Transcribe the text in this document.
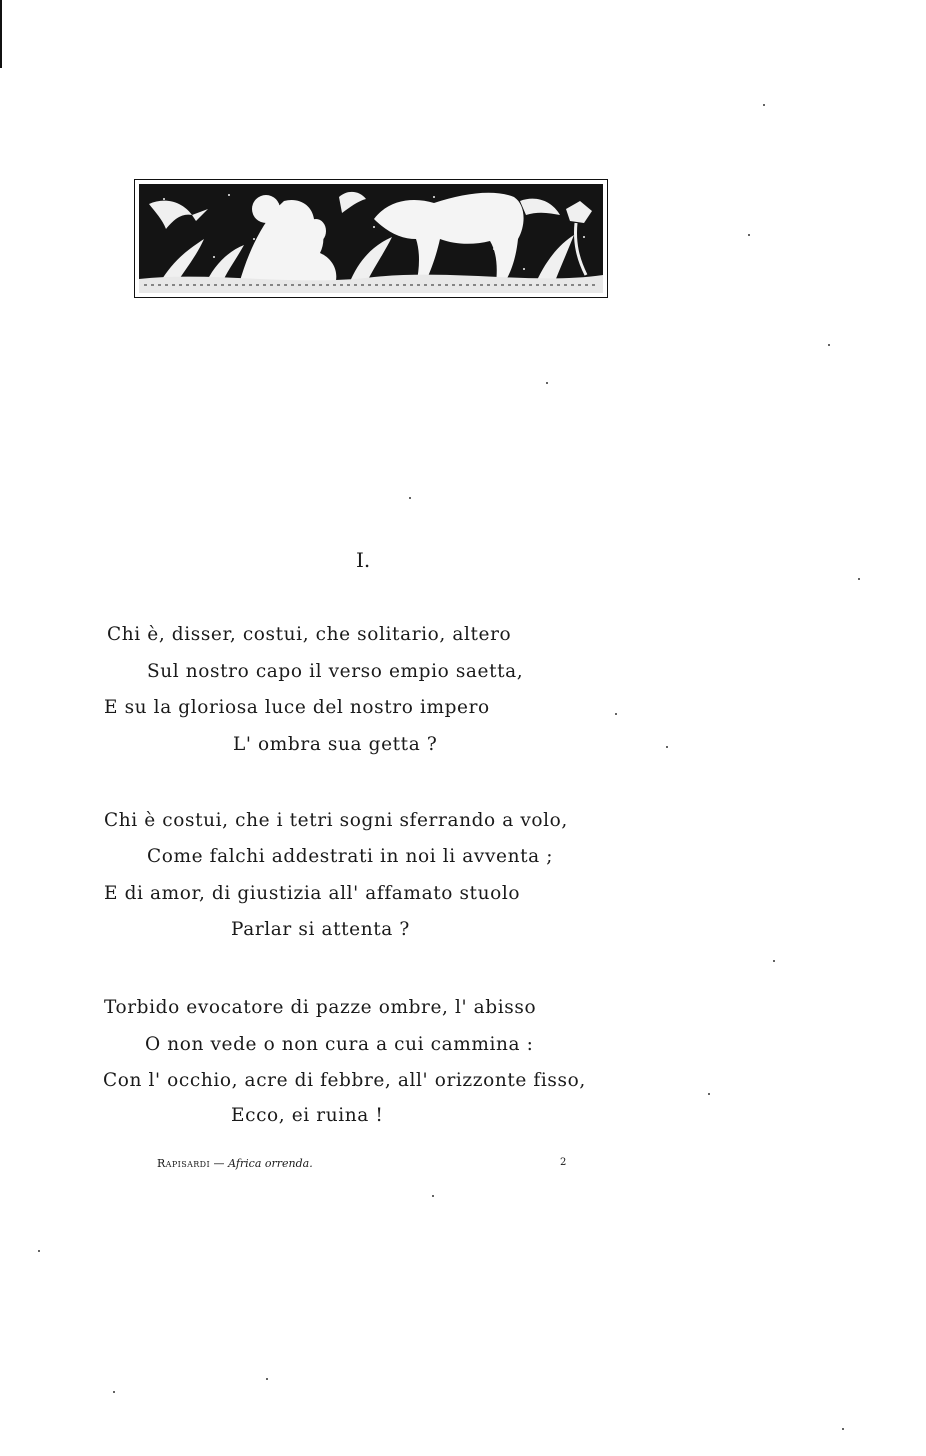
I.
Chi è, disser, costui, che solitario, altero
Sul nostro capo il verso empio saetta,
E su la gloriosa luce del nostro impero
L' ombra sua getta ?
Chi è costui, che i tetri sogni sferrando a volo,
Come falchi addestrati in noi li avventa ;
E di amor, di giustizia all' affamato stuolo
Parlar si attenta ?
Torbido evocatore di pazze ombre, l' abisso
O non vede o non cura a cui cammina :
Con l' occhio, acre di febbre, all' orizzonte fisso,
Ecco, ei ruina !
Rapisardi — Africa orrenda.	2
